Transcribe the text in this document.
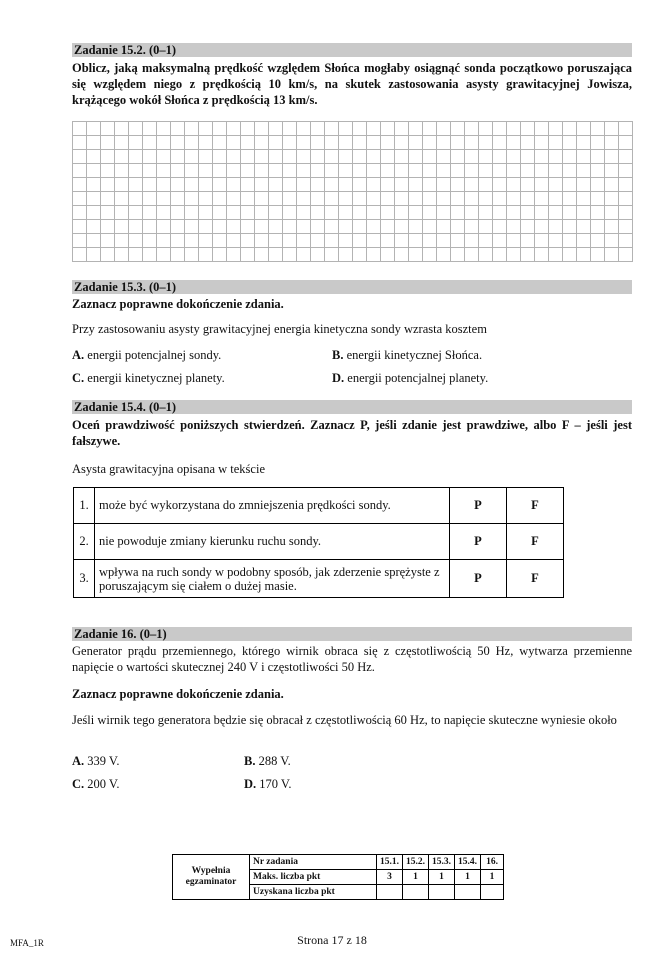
Zadanie 15.2. (0–1)
Oblicz, jaką maksymalną prędkość względem Słońca mogłaby osiągnąć sonda początkowo poruszająca się względem niego z prędkością 10 km/s, na skutek zastosowania asysty grawitacyjnej Jowisza, krążącego wokół Słońca z prędkością 13 km/s.
Zadanie 15.3. (0–1)
Zaznacz poprawne dokończenie zdania.
Przy zastosowaniu asysty grawitacyjnej energia kinetyczna sondy wzrasta kosztem
A. energii potencjalnej sondy.	B. energii kinetycznej Słońca.
C. energii kinetycznej planety.	D. energii potencjalnej planety.
Zadanie 15.4. (0–1)
Oceń prawdziwość poniższych stwierdzeń. Zaznacz P, jeśli zdanie jest prawdziwe, albo F – jeśli jest fałszywe.
Asysta grawitacyjna opisana w tekście
1.	może być wykorzystana do zmniejszenia prędkości sondy.	P	F
2.	nie powoduje zmiany kierunku ruchu sondy.	P	F
3.	wpływa na ruch sondy w podobny sposób, jak zderzenie sprężyste z poruszającym się ciałem o dużej masie.	P	F
Zadanie 16. (0–1)
Generator prądu przemiennego, którego wirnik obraca się z częstotliwością 50 Hz, wytwarza przemienne napięcie o wartości skutecznej 240 V i częstotliwości 50 Hz.
Zaznacz poprawne dokończenie zdania.
Jeśli wirnik tego generatora będzie się obracał z częstotliwością 60 Hz, to napięcie skuteczne wyniesie około
A. 339 V.	B. 288 V.
C. 200 V.	D. 170 V.
Wypełnia egzaminator	Nr zadania	15.1.	15.2.	15.3.	15.4.	16.
	Maks. liczba pkt	3	1	1	1	1
	Uzyskana liczba pkt					
MFA_1R	Strona 17 z 18
